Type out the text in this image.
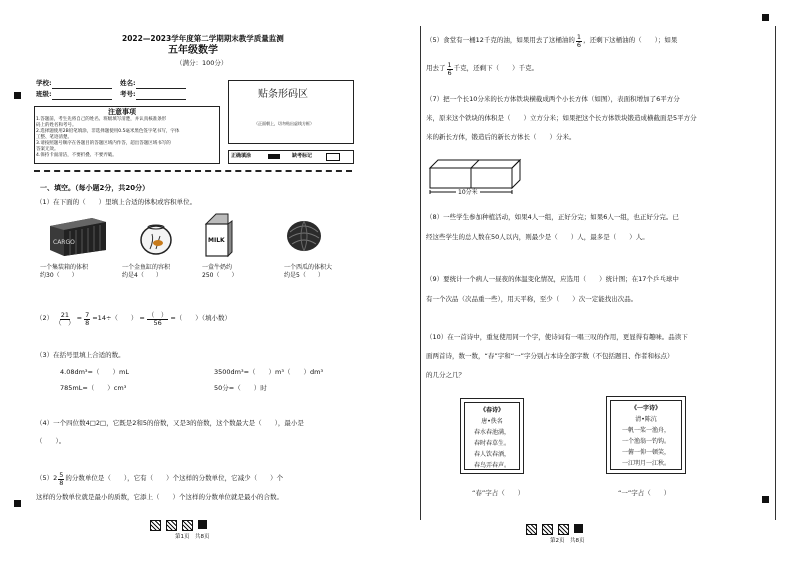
2022—2023学年度第二学期期末教学质量监测
五年级数学
（满分：100分）
学校:	姓名:
班级:	考号:	贴条形码区
（正面朝上，切勿贴出虚线方框）
注意事项
1.答题前，考生先将自己的姓名、班级填写清楚，并认真核准条形
码上的姓名和考号。
2.选择题使用2B铅笔填涂，非选择题使用0.5毫米黑色签字笔书写，字体
工整、笔迹清楚。
3.请按照题号顺序在各题目的答题区域内作答，超出答题区域书写的
答案无效。
4.保持卡面清洁，不要折叠、不要弄破。	正确填涂	缺考标记
一、填空。（每小题2分，共20分）
（1）在下面的（　　）里填上合适的体积或容积单位。
CARGO	MILK
一个集装箱的体积
约30（　　）
一个金鱼缸的容积
约是4（　　）
一盒牛奶约
250（　　）
一个西瓜的体积大
约是5（　　）
$(2) \frac{21}{( )} = \frac{7}{8} =14\div$（　　） = $\frac{( )}{56}$ =（　　）（填小数）
（3）在括号里填上合适的数。
4.08dm³=（　　）mL	3500dm³=（　　）m³（　　）dm³
785mL=（　　）cm³	50分=（　　）时
（4）一个四位数4□2□，它既是2和5的倍数，又是3的倍数，这个数最大是（　　），最小是
（　　）。
$(5)2 \frac{5}{8}$ 的分数单位是（　　），它有（　　）个这样的分数单位，它减少（　　）个
这样的分数单位就是最小的质数，它添上（　　）个这样的分数单位就是最小的合数。
第1页　共8页
（5）食堂有一桶12千克的油，如果用去了这桶油的 $\frac{1}{6}$ ，还剩下这桶油的（　　）；如果
用去了 $\frac{1}{6}$ 千克，还剩下（　　）千克。
（7）把一个长10分米的长方体铁块横截成两个小长方体（如图），表面积增加了6平方分
米，原来这个铁块的体积是（　　）立方分米；如果把这个长方体铁块锻造成横截面是5平方分
米的新长方体，锻造后的新长方体长（　　）分米。
10分米
（8）一些学生参加种植活动，如果4人一组，正好分完；如果6人一组，也正好分完。已
经这些学生的总人数在50人以内，则最少是（　　）人，最多是（　　）人。
（9）要统计一个病人一昼夜的体温变化情况，应选用（　　）统计图；在17个乒乓球中
有一个次品（次品重一些），用天平称，至少（　　）次一定能找出次品。
（10）在一首诗中，重复使用同一个字，使诗词有一唱三叹的作用，更显得有趣味。品读下
面两首诗，数一数，“春”字和“一”字分别占本诗全部字数（不包括题目、作者和标点）
的几分之几？
《春诗》
唐•佚名
春水春池满，
春时春草生。
春人饮春酒，
春鸟弄春声。
《一字诗》
清•陈沆
一帆一桨一渔舟，
一个渔翁一钓钩。
一俯一仰一顿笑，
一江明月一江秋。
“春”字占（　　）	“一”字占（　　）
第2页　共8页
